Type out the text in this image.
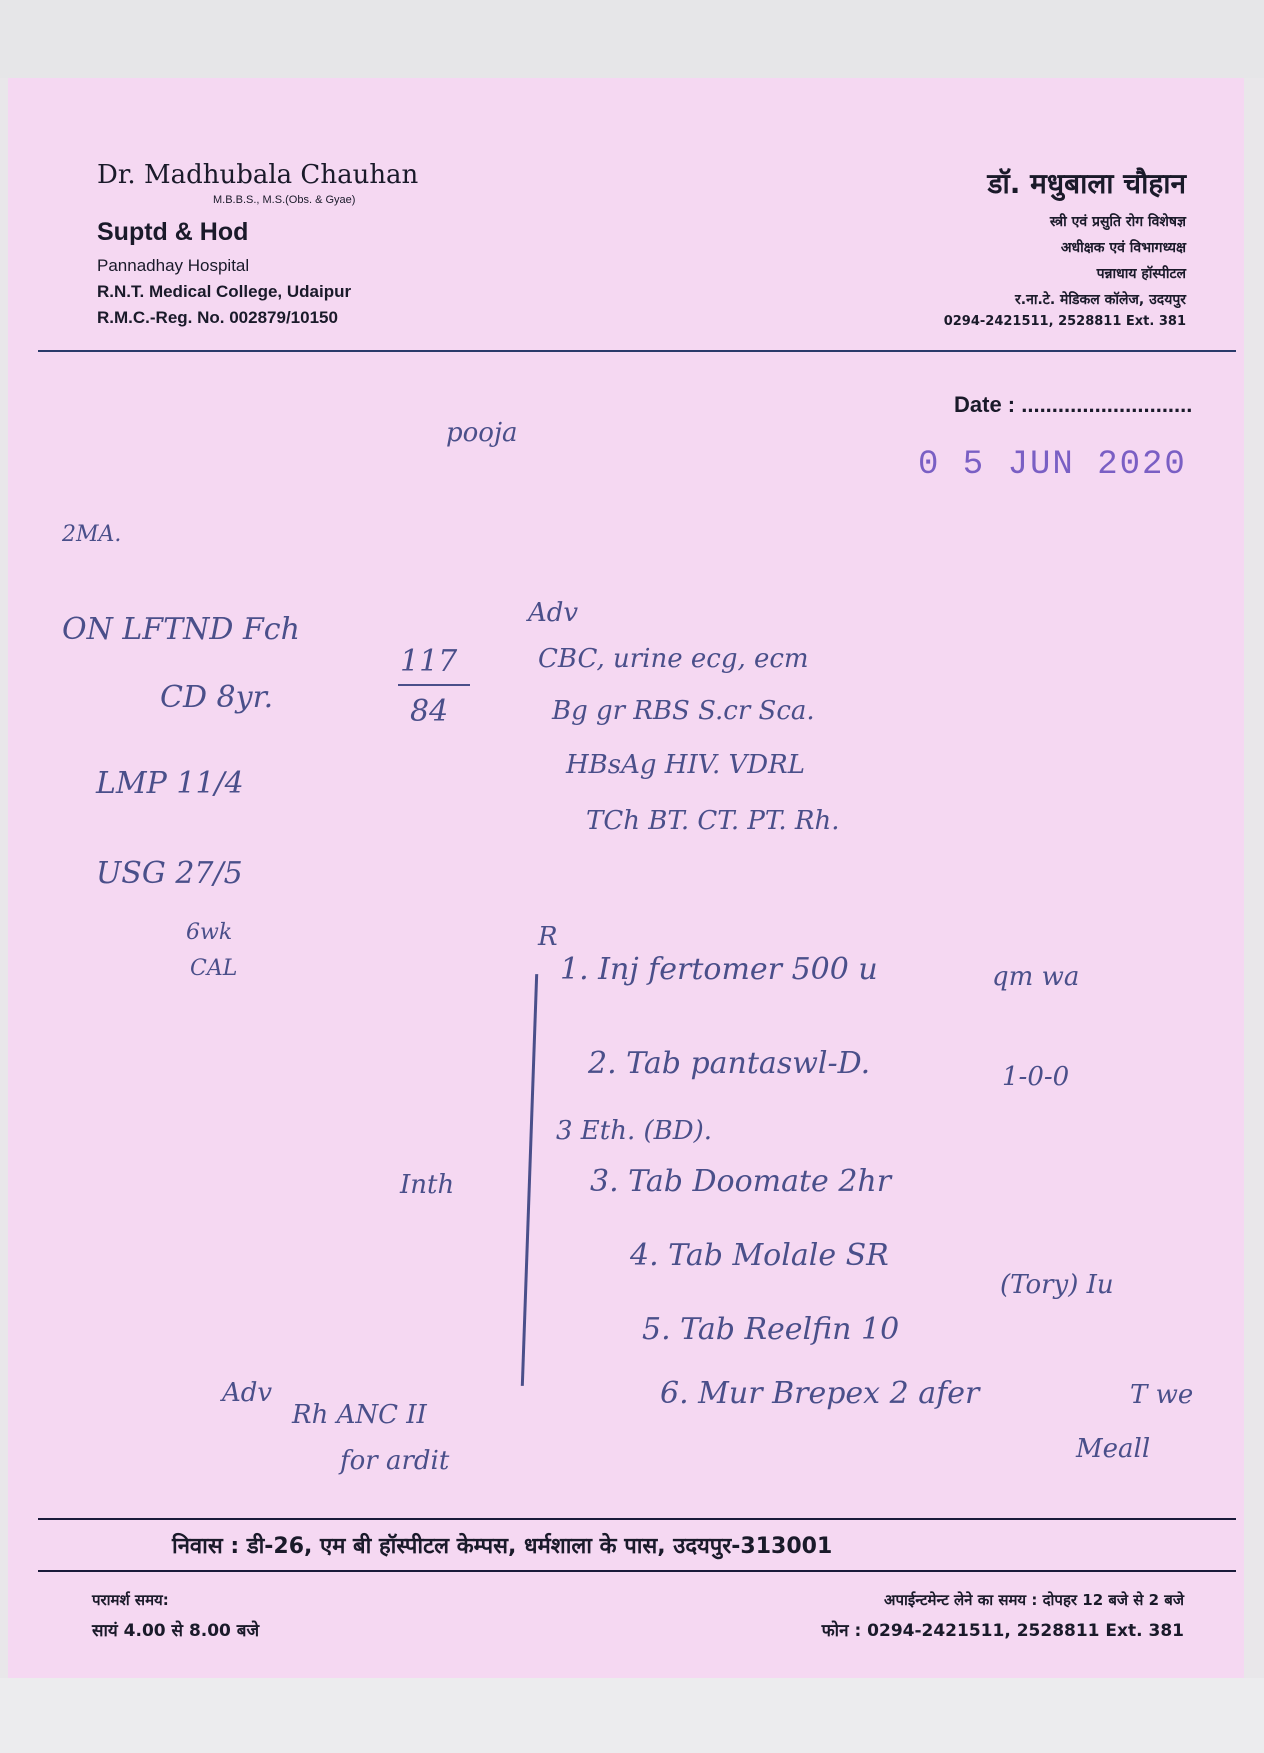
Dr. Madhubala Chauhan
M.B.B.S., M.S.(Obs. & Gyae)
Suptd & Hod
Pannadhay Hospital
R.N.T. Medical College, Udaipur
R.M.C.-Reg. No. 002879/10150
डॉ. मधुबाला चौहान
स्त्री एवं प्रसुति रोग विशेषज्ञ
अधीक्षक एवं विभागध्यक्ष
पन्नाधाय हॉस्पीटल
र.ना.टे. मेडिकल कॉलेज, उदयपुर
0294-2421511, 2528811 Ext. 381
Date : ............................
0 5 JUN 2020
pooja
2MA.
ON LFTND Fch
CD 8yr.
117
84
LMP 11/4
USG 27/5
6wk
CAL
Adv
CBC, urine ecg, ecm
Bg gr RBS S.cr Sca.
HBsAg HIV. VDRL
TCh BT. CT. PT. Rh.
R
1. Inj fertomer 500 u	qm wa
2. Tab pantaswl-D.	1-0-0
3 Eth. (BD).
3. Tab Doomate 2hr
4. Tab Molale SR
5. Tab Reelfin 10
(Tory) Iu
6. Mur Brepex 2 afer	T we
Meall
Inth
Adv
Rh ANC II
for ardit
निवास : डी-26, एम बी हॉस्पीटल केम्पस, धर्मशाला के पास, उदयपुर-313001
परामर्श समय:
सायं 4.00 से 8.00 बजे
अपाईन्टमेन्ट लेने का समय : दोपहर 12 बजे से 2 बजे
फोन : 0294-2421511, 2528811 Ext. 381
